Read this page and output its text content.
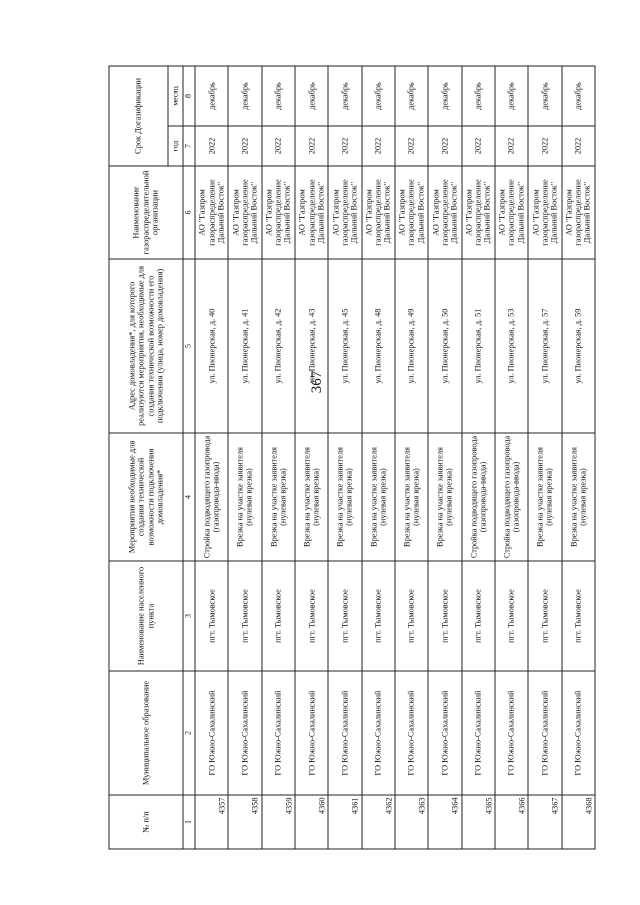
367
№ п/п	Муниципальное образование	Наименование населенного пункта	Мероприятия необходимые для создания технической возможности подключения домовладения*	Адрес домовладения*, для которого реализуются мероприятия, необходимые для создания технической возможности его подключения (улица, номер домовладения)	Наименование газораспределительной организации	Срок Догазификации	
						год	месяц
1	2	3	4	5	6	7	8
4357	ГО Южно-Сахалинский	пгт. Тымовское	Стройка подводящего газопровода (газопровода-ввода)	ул. Пионерская, д. 40	АО "Газпром газораспределение Дальний Восток"	2022	декабрь
4358	ГО Южно-Сахалинский	пгт. Тымовское	Врезка на участке заявителя (нулевая врезка)	ул. Пионерская, д. 41	АО "Газпром газораспределение Дальний Восток"	2022	декабрь
4359	ГО Южно-Сахалинский	пгт. Тымовское	Врезка на участке заявителя (нулевая врезка)	ул. Пионерская, д. 42	АО "Газпром газораспределение Дальний Восток"	2022	декабрь
4360	ГО Южно-Сахалинский	пгт. Тымовское	Врезка на участке заявителя (нулевая врезка)	ул. Пионерская, д. 43	АО "Газпром газораспределение Дальний Восток"	2022	декабрь
4361	ГО Южно-Сахалинский	пгт. Тымовское	Врезка на участке заявителя (нулевая врезка)	ул. Пионерская, д. 45	АО "Газпром газораспределение Дальний Восток"	2022	декабрь
4362	ГО Южно-Сахалинский	пгт. Тымовское	Врезка на участке заявителя (нулевая врезка)	ул. Пионерская, д. 48	АО "Газпром газораспределение Дальний Восток"	2022	декабрь
4363	ГО Южно-Сахалинский	пгт. Тымовское	Врезка на участке заявителя (нулевая врезка)	ул. Пионерская, д. 49	АО "Газпром газораспределение Дальний Восток"	2022	декабрь
4364	ГО Южно-Сахалинский	пгт. Тымовское	Врезка на участке заявителя (нулевая врезка)	ул. Пионерская, д. 50	АО "Газпром газораспределение Дальний Восток"	2022	декабрь
4365	ГО Южно-Сахалинский	пгт. Тымовское	Стройка подводящего газопровода (газопровода-ввода)	ул. Пионерская, д. 51	АО "Газпром газораспределение Дальний Восток"	2022	декабрь
4366	ГО Южно-Сахалинский	пгт. Тымовское	Стройка подводящего газопровода (газопровода-ввода)	ул. Пионерская, д. 53	АО "Газпром газораспределение Дальний Восток"	2022	декабрь
4367	ГО Южно-Сахалинский	пгт. Тымовское	Врезка на участке заявителя (нулевая врезка)	ул. Пионерская, д. 57	АО "Газпром газораспределение Дальний Восток"	2022	декабрь
4368	ГО Южно-Сахалинский	пгт. Тымовское	Врезка на участке заявителя (нулевая врезка)	ул. Пионерская, д. 59	АО "Газпром газораспределение Дальний Восток"	2022	декабрь
